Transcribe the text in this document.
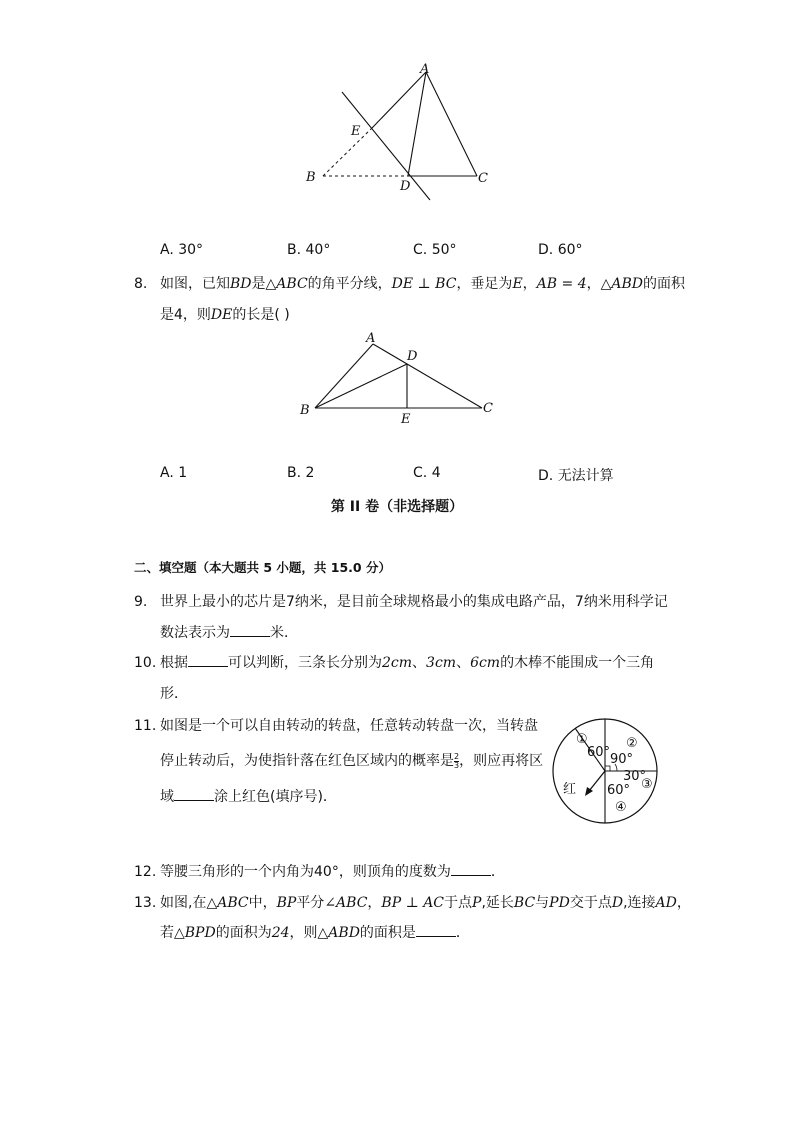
A
E
B
D
C
A. 30°	B. 40°	C. 50°	D. 60°
8. 如图，已知BD是△ABC的角平分线，DE ⊥ BC，垂足为E，AB = 4，△ABD的面积
是4，则DE的长是( )
A
D
B
E
C
A. 1	B. 2	C. 4	D. 无法计算
第 II 卷（非选择题）
二、填空题（本大题共 5 小题，共 15.0 分）
9. 世界上最小的芯片是7纳米，是目前全球规格最小的集成电路产品，7纳米用科学记
数法表示为	米．
10. 根据	可以判断，三条长分别为2cm、3cm、6cm的木棒不能围成一个三角
形．
11. 如图是一个可以自由转动的转盘，任意转动转盘一次，当转盘
停止转动后，为使指针落在红色区域内的概率是 $\frac{2}{3}$ ，则应再将区
域	涂上红色(填序号)．
①	②
③
④
60° 90°
30°
60°
红
12. 等腰三角形的一个内角为40°，则顶角的度数为	．
13. 如图,在△ABC中，BP平分∠ABC，BP ⊥ AC于点P,延长BC与PD交于点D,连接AD，
若△BPD的面积为24，则△ABD的面积是	．
